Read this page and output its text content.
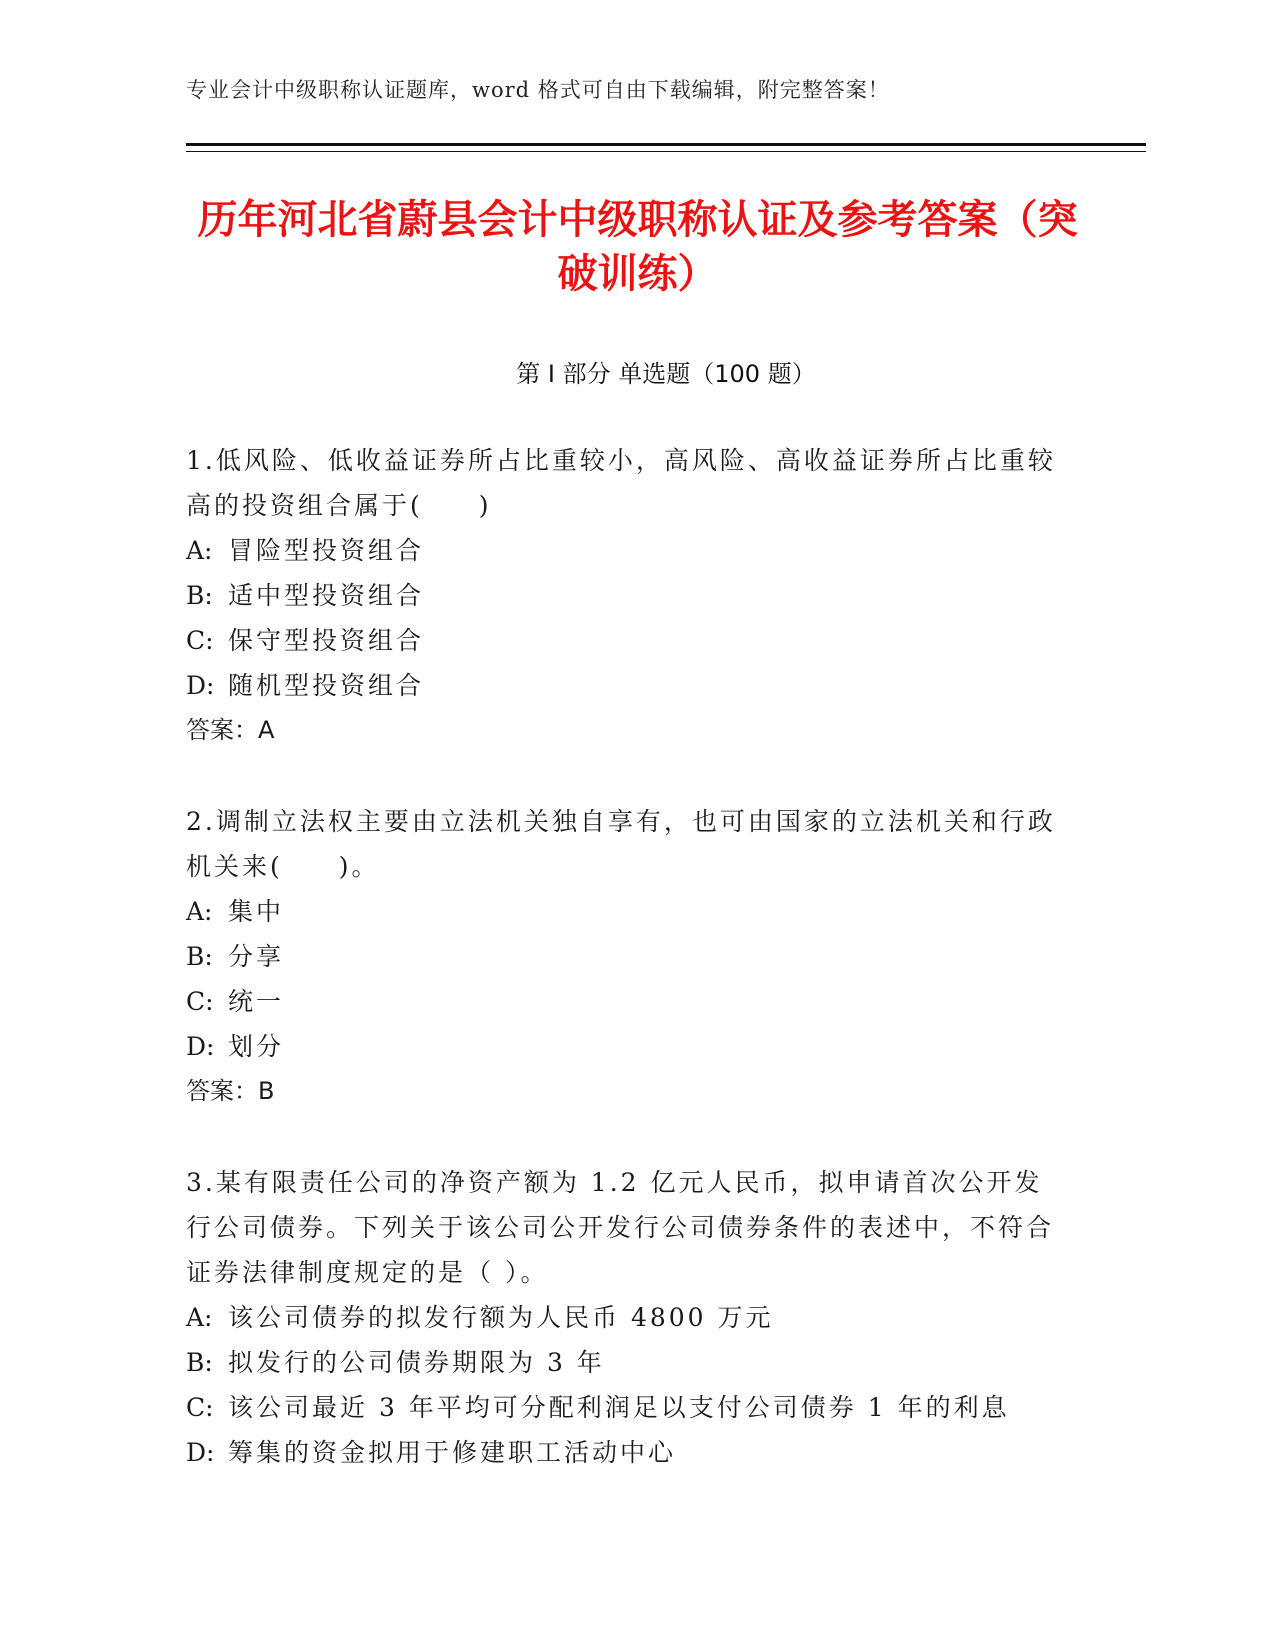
专业会计中级职称认证题库，word 格式可自由下载编辑，附完整答案！
历年河北省蔚县会计中级职称认证及参考答案（突破训练）
第 I 部分 单选题（100 题）

1.低风险、低收益证券所占比重较小，高风险、高收益证券所占比重较高的投资组合属于(　　)

A: 冒险型投资组合

B: 适中型投资组合

C: 保守型投资组合

D: 随机型投资组合

答案：A

2.调制立法权主要由立法机关独自享有，也可由国家的立法机关和行政机关来(　　)。

A: 集中

B: 分享

C: 统一

D: 划分

答案：B

3.某有限责任公司的净资产额为 1.2 亿元人民币，拟申请首次公开发行公司债券。下列关于该公司公开发行公司债券条件的表述中，不符合证券法律制度规定的是（ ）。

A: 该公司债券的拟发行额为人民币 4800 万元

B: 拟发行的公司债券期限为 3 年

C: 该公司最近 3 年平均可分配利润足以支付公司债券 1 年的利息

D: 筹集的资金拟用于修建职工活动中心
